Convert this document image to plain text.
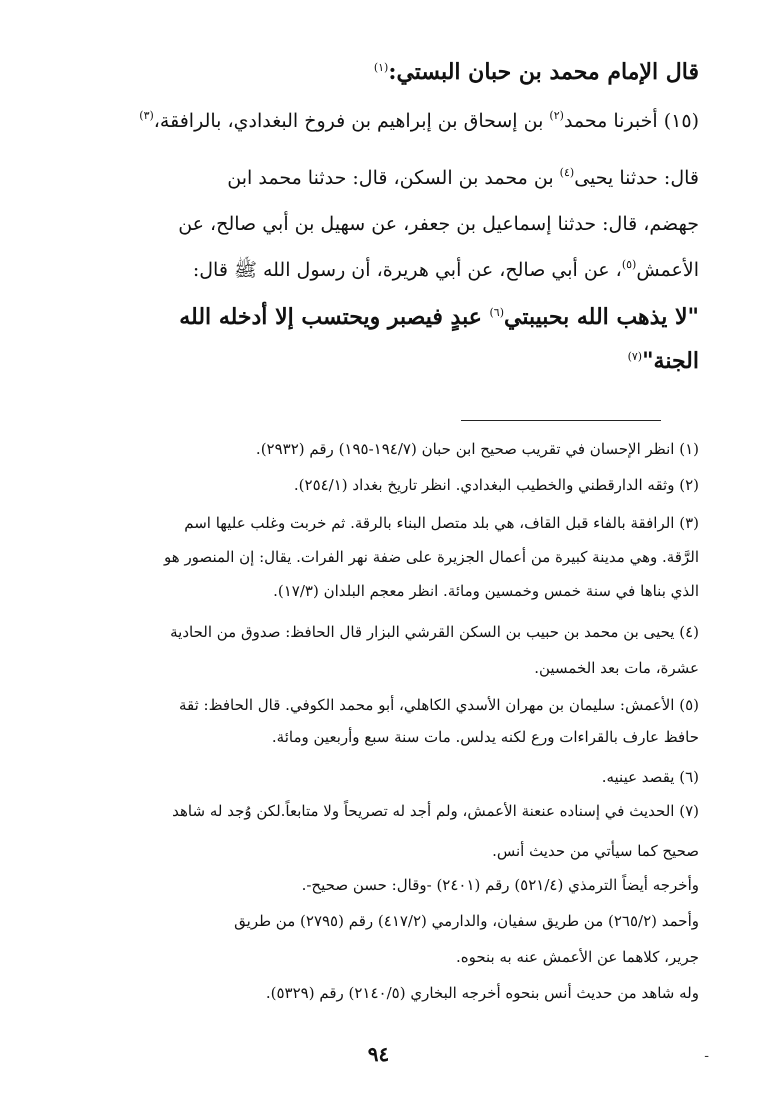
قال الإمام محمد بن حبان البستي:$^{(١)}$
(١٥) أخبرنا محمد$^{(٢)}$ بن إسحاق بن إبراهيم بن فروخ البغدادي، بالرافقة،$^{(٣)}$
قال: حدثنا يحيى$^{(٤)}$ بن محمد بن السكن، قال: حدثنا محمد ابن
جهضم، قال: حدثنا إسماعيل بن جعفر، عن سهيل بن أبي صالح، عن
الأعمش$^{(٥)}$، عن أبي صالح، عن أبي هريرة، أن رسول الله ﷺ قال:
"لا يذهب الله بحبيبتي$^{(٦)}$ عبدٍ فيصبر ويحتسب إلا أدخله الله
الجنة"$^{(٧)}$
(١) انظر الإحسان في تقريب صحيح ابن حبان (١٩٤/٧-١٩٥) رقم (٢٩٣٢).
(٢) وثقه الدارقطني والخطيب البغدادي. انظر تاريخ بغداد (٢٥٤/١).
(٣) الرافقة بالفاء قبل القاف، هي بلد متصل البناء بالرقة. ثم خربت وغلب عليها اسم
الرَّقة. وهي مدينة كبيرة من أعمال الجزيرة على ضفة نهر الفرات. يقال: إن المنصور هو
الذي بناها في سنة خمس وخمسين ومائة. انظر معجم البلدان (١٧/٣).
(٤) يحيى بن محمد بن حبيب بن السكن القرشي البزار قال الحافظ: صدوق من الحادية
عشرة، مات بعد الخمسين.
(٥) الأعمش: سليمان بن مهران الأسدي الكاهلي، أبو محمد الكوفي. قال الحافظ: ثقة
حافظ عارف بالقراءات ورع لكنه يدلس. مات سنة سبع وأربعين ومائة.
(٦) يقصد عينيه.
(٧) الحديث في إسناده عنعنة الأعمش، ولم أجد له تصريحاً ولا متابعاً.لكن وُجد له شاهد
صحيح كما سيأتي من حديث أنس.
وأخرجه أيضاً الترمذي (٥٢١/٤) رقم (٢٤٠١) -وقال: حسن صحيح-.
وأحمد (٢٦٥/٢) من طريق سفيان، والدارمي (٤١٧/٢) رقم (٢٧٩٥) من طريق
جرير، كلاهما عن الأعمش عنه به بنحوه.
وله شاهد من حديث أنس بنحوه أخرجه البخاري (٢١٤٠/٥) رقم (٥٣٢٩).
٩٤	-
